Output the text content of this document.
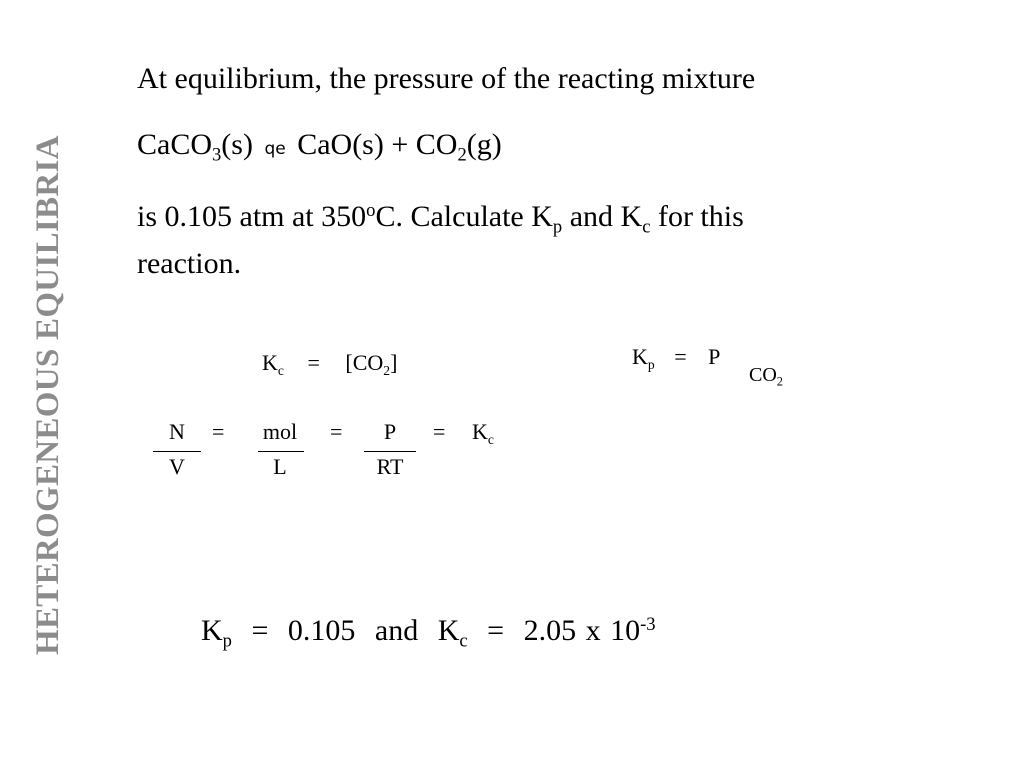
HETEROGENEOUS EQUILIBRIA
At equilibrium, the pressure of the reacting mixture
CaCO$_3$(s) qe $CaO(s) + CO_2(g)$
is 0.105 atm at 350$^o$C. Calculate $K_p$ and $K_c$ for this
reaction.
$K_c = [CO_2]$	$K_p = P$
$CO_2$
N
V
=	mol
L
=	P
RT
= $K_c$
$K_p = 0.105$ and $K_c = 2.05$ x $10^{-3}$
